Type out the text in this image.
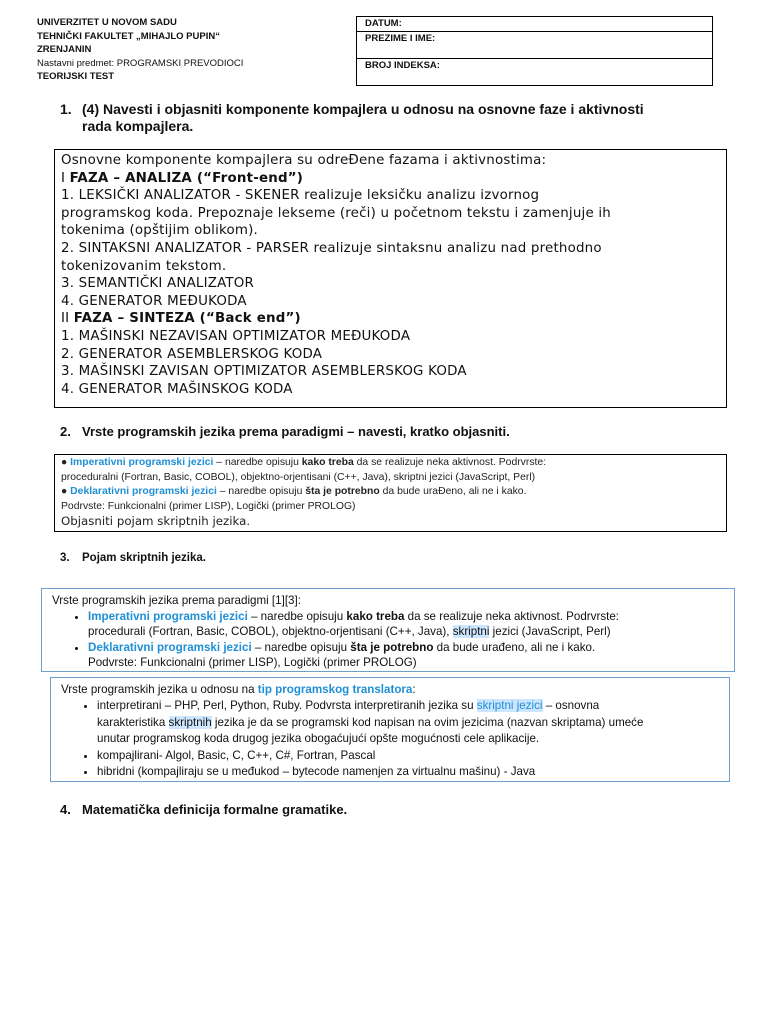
UNIVERZITET U NOVOM SADU
TEHNIČKI FAKULTET „MIHAJLO PUPIN“
ZRENJANIN
Nastavni predmet: PROGRAMSKI PREVODIOCI
TEORIJSKI TEST
DATUM:
PREZIME I IME:
BROJ INDEKSA:
1. (4) Navesti i objasniti komponente kompajlera u odnosu na osnovne faze i aktivnosti
rada kompajlera.
Osnovne komponente kompajlera su odreĐene fazama i aktivnostima:
I FAZA – ANALIZA (“Front-end”)
1. LEKSIČKI ANALIZATOR - SKENER realizuje leksičku analizu izvornog
programskog koda. Prepoznaje lekseme (reči) u početnom tekstu i zamenjuje ih
tokenima (opštijim oblikom).
2. SINTAKSNI ANALIZATOR - PARSER realizuje sintaksnu analizu nad prethodno
tokenizovanim tekstom.
3. SEMANTIČKI ANALIZATOR
4. GENERATOR MEĐUKODA
II FAZA – SINTEZA (“Back end”)
1. MAŠINSKI NEZAVISAN OPTIMIZATOR MEĐUKODA
2. GENERATOR ASEMBLERSKOG KODA
3. MAŠINSKI ZAVISAN OPTIMIZATOR ASEMBLERSKOG KODA
4. GENERATOR MAŠINSKOG KODA
2. Vrste programskih jezika prema paradigmi – navesti, kratko objasniti.
● Imperativni programski jezici – naredbe opisuju kako treba da se realizuje neka aktivnost. Podrvrste:
proceduralni (Fortran, Basic, COBOL), objektno-orjentisani (C++, Java), skriptni jezici (JavaScript, Perl)
● Deklarativni programski jezici – naredbe opisuju šta je potrebno da bude uraĐeno, ali ne i kako.
Podrvste: Funkcionalni (primer LISP), Logički (primer PROLOG)
Objasniti pojam skriptnih jezika.
3. Pojam skriptnih jezika.
Vrste programskih jezika prema paradigmi [1][3]:
• Imperativni programski jezici – naredbe opisuju kako treba da se realizuje neka aktivnost. Podrvrste:
procedurali (Fortran, Basic, COBOL), objektno-orjentisani (C++, Java), skriptni jezici (JavaScript, Perl)
• Deklarativni programski jezici – naredbe opisuju šta je potrebno da bude urađeno, ali ne i kako.
Podvrste: Funkcionalni (primer LISP), Logički (primer PROLOG)
Vrste programskih jezika u odnosu na tip programskog translatora:
• interpretirani – PHP, Perl, Python, Ruby. Podvrsta interpretiranih jezika su skriptni jezici – osnovna
karakteristika skriptnih jezika je da se programski kod napisan na ovim jezicima (nazvan skriptama) umeće
unutar programskog koda drugog jezika obogaćujući opšte mogućnosti cele aplikacije.
• kompajlirani- Algol, Basic, C, C++, C#, Fortran, Pascal
• hibridni (kompajliraju se u međukod – bytecode namenjen za virtualnu mašinu) - Java
4. Matematička definicija formalne gramatike.
